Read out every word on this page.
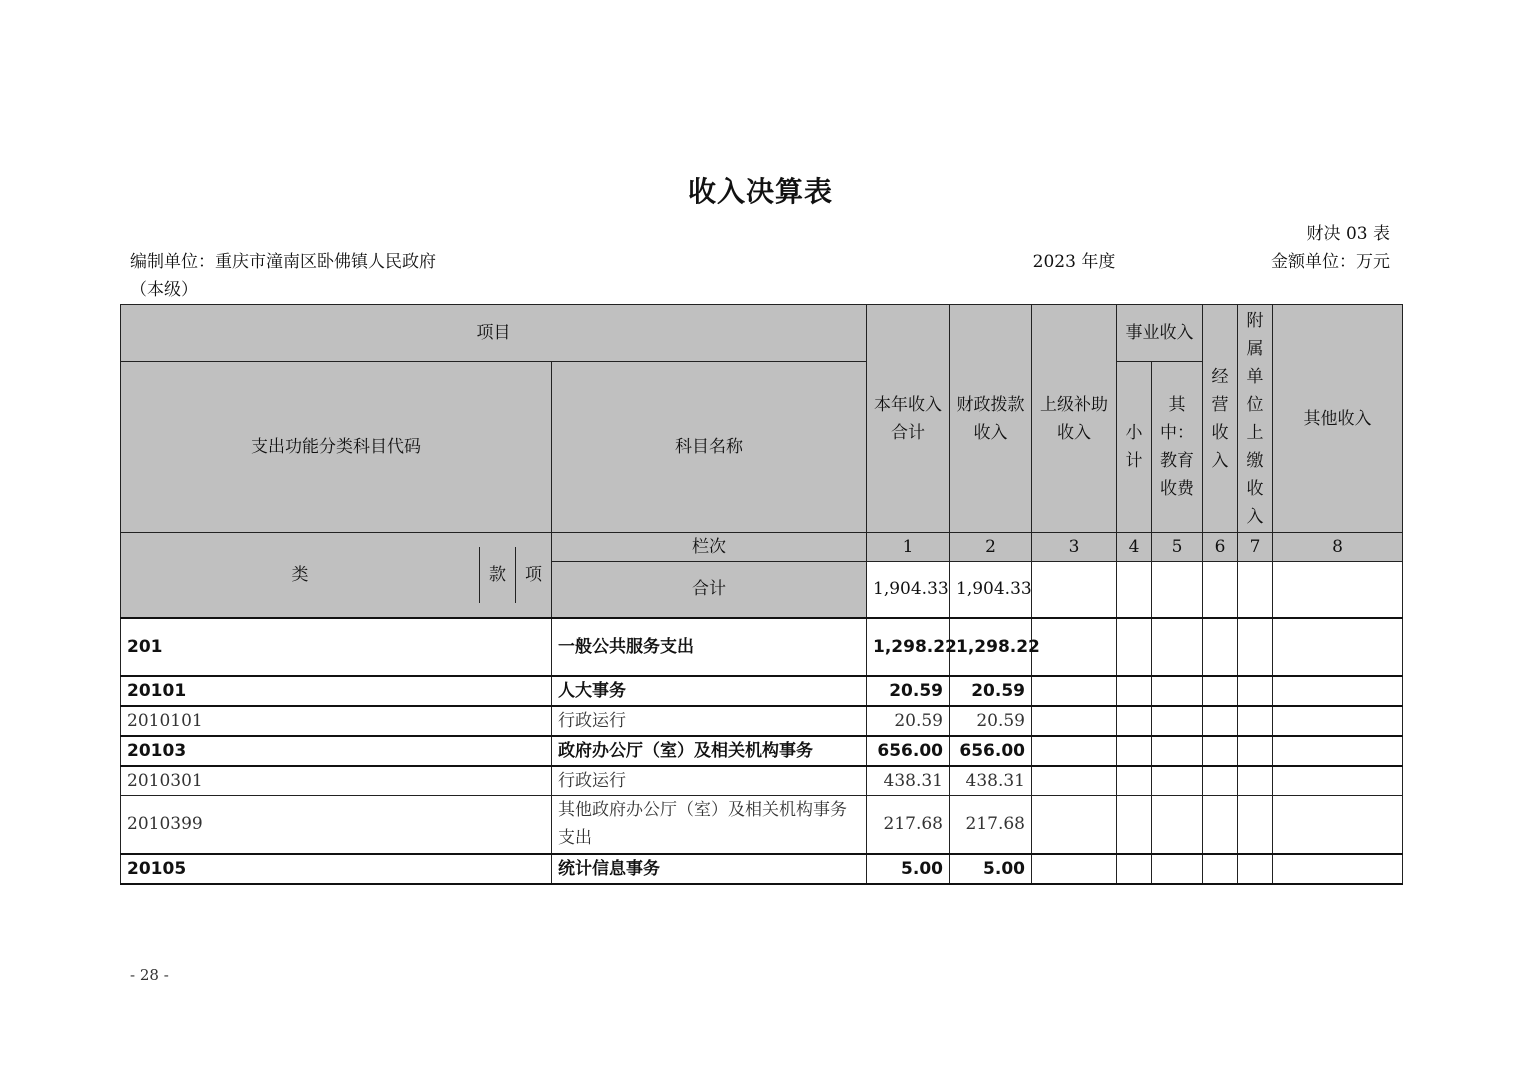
收入决算表
财决 03 表
编制单位：重庆市潼南区卧佛镇人民政府
（本级）
2023 年度	金额单位：万元
项目		本年收入合计	财政拨款收入	上级补助收入	事业收入		经营收入	附属单位上缴收入	其他收入
支出功能分类科目代码	科目名称				小计	其中：教育收费			

类 款 项	栏次	1	2	3	4	5	6	7	8
	合计	1,904.33	1,904.33						
201	一般公共服务支出	1,298.22	1,298.22						
20101	人大事务	20.59	20.59						
2010101	行政运行	20.59	20.59						
20103	政府办公厅（室）及相关机构事务	656.00	656.00						
2010301	行政运行	438.31	438.31						
2010399	其他政府办公厅（室）及相关机构事务支出	217.68	217.68						
20105	统计信息事务	5.00	5.00						
- 28 -
